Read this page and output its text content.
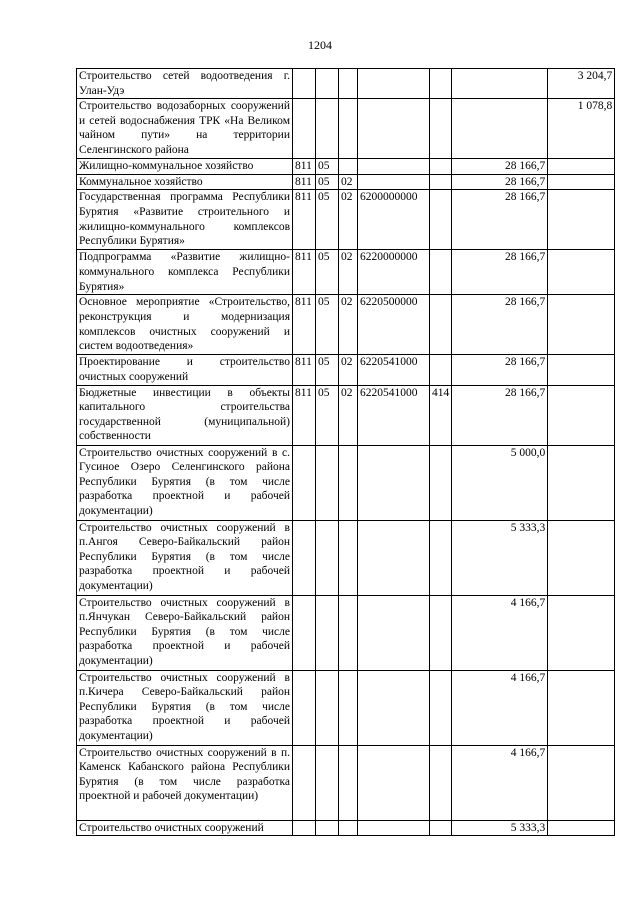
1204
Строительство сетей водоотведения г. Улан-Удэ							3 204,7
Строительство водозаборных сооружений и сетей водоснабжения ТРК «На Великом чайном пути» на территории Селенгинского района							1 078,8
Жилищно-коммунальное хозяйство	811	05				28 166,7	
Коммунальное хозяйство	811	05	02			28 166,7	
Государственная программа Республики Бурятия «Развитие строительного и жилищно-коммунального комплексов Республики Бурятия»	811	05	02	6200000000		28 166,7	
Подпрограмма «Развитие жилищно-коммунального комплекса Республики Бурятия»	811	05	02	6220000000		28 166,7	
Основное мероприятие «Строительство, реконструкция и модернизация комплексов очистных сооружений и систем водоотведения»	811	05	02	6220500000		28 166,7	
Проектирование и строительство очистных сооружений	811	05	02	6220541000		28 166,7	
Бюджетные инвестиции в объекты капитального строительства государственной (муниципальной) собственности	811	05	02	6220541000	414	28 166,7	
Строительство очистных сооружений в с. Гусиное Озеро Селенгинского района Республики Бурятия (в том числе разработка проектной и рабочей документации)						5 000,0	
Строительство очистных сооружений в п.Ангоя Северо-Байкальский район Республики Бурятия (в том числе разработка проектной и рабочей документации)						5 333,3	
Строительство очистных сооружений в п.Янчукан Северо-Байкальский район Республики Бурятия (в том числе разработка проектной и рабочей документации)						4 166,7	
Строительство очистных сооружений в п.Кичера Северо-Байкальский район Республики Бурятия (в том числе разработка проектной и рабочей документации)						4 166,7	
Строительство очистных сооружений в п. Каменск Кабанского района Республики Бурятия (в том числе разработка проектной и рабочей документации)						4 166,7	
Строительство очистных сооружений						5 333,3	
